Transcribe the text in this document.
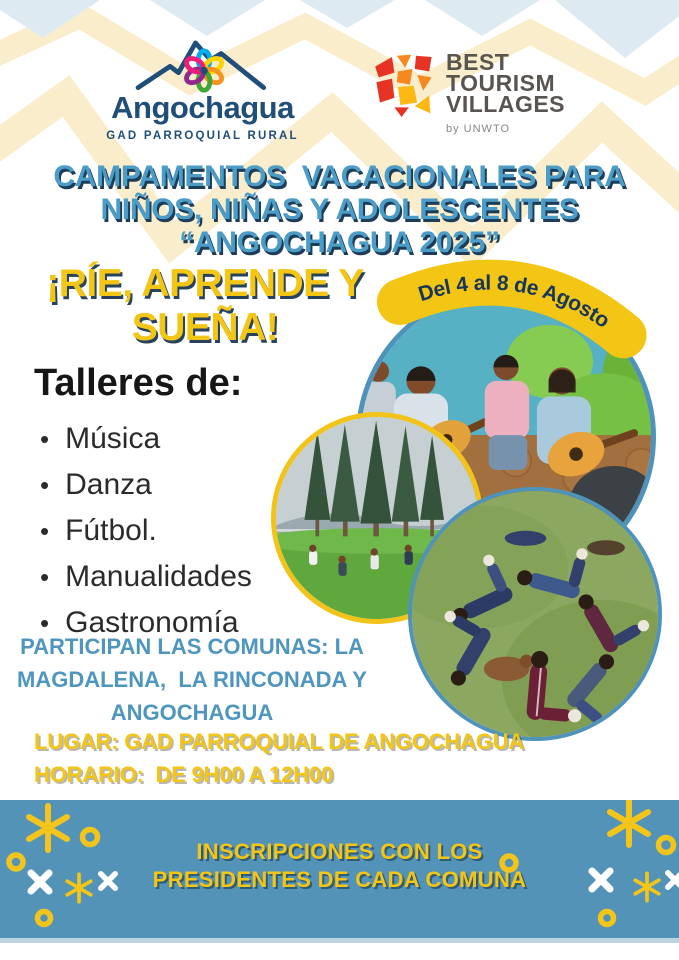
Angochagua
GAD PARROQUIAL RURAL
BEST
TOURISM
VILLAGES
by UNWTO
CAMPAMENTOS  VACACIONALES PARA
NIÑOS, NIÑAS Y ADOLESCENTES
“ANGOCHAGUA 2025”
¡RÍE, APRENDE Y
SUEÑA!
Del 4 al 8 de Agosto
Talleres de:
• Música
• Danza
• Fútbol.
• Manualidades
• Gastronomía
PARTICIPAN LAS COMUNAS: LA
MAGDALENA,  LA RINCONADA Y
ANGOCHAGUA
LUGAR: GAD PARROQUIAL DE ANGOCHAGUA
HORARIO:  DE 9H00 A 12H00
INSCRIPCIONES CON LOS
PRESIDENTES DE CADA COMUNA
